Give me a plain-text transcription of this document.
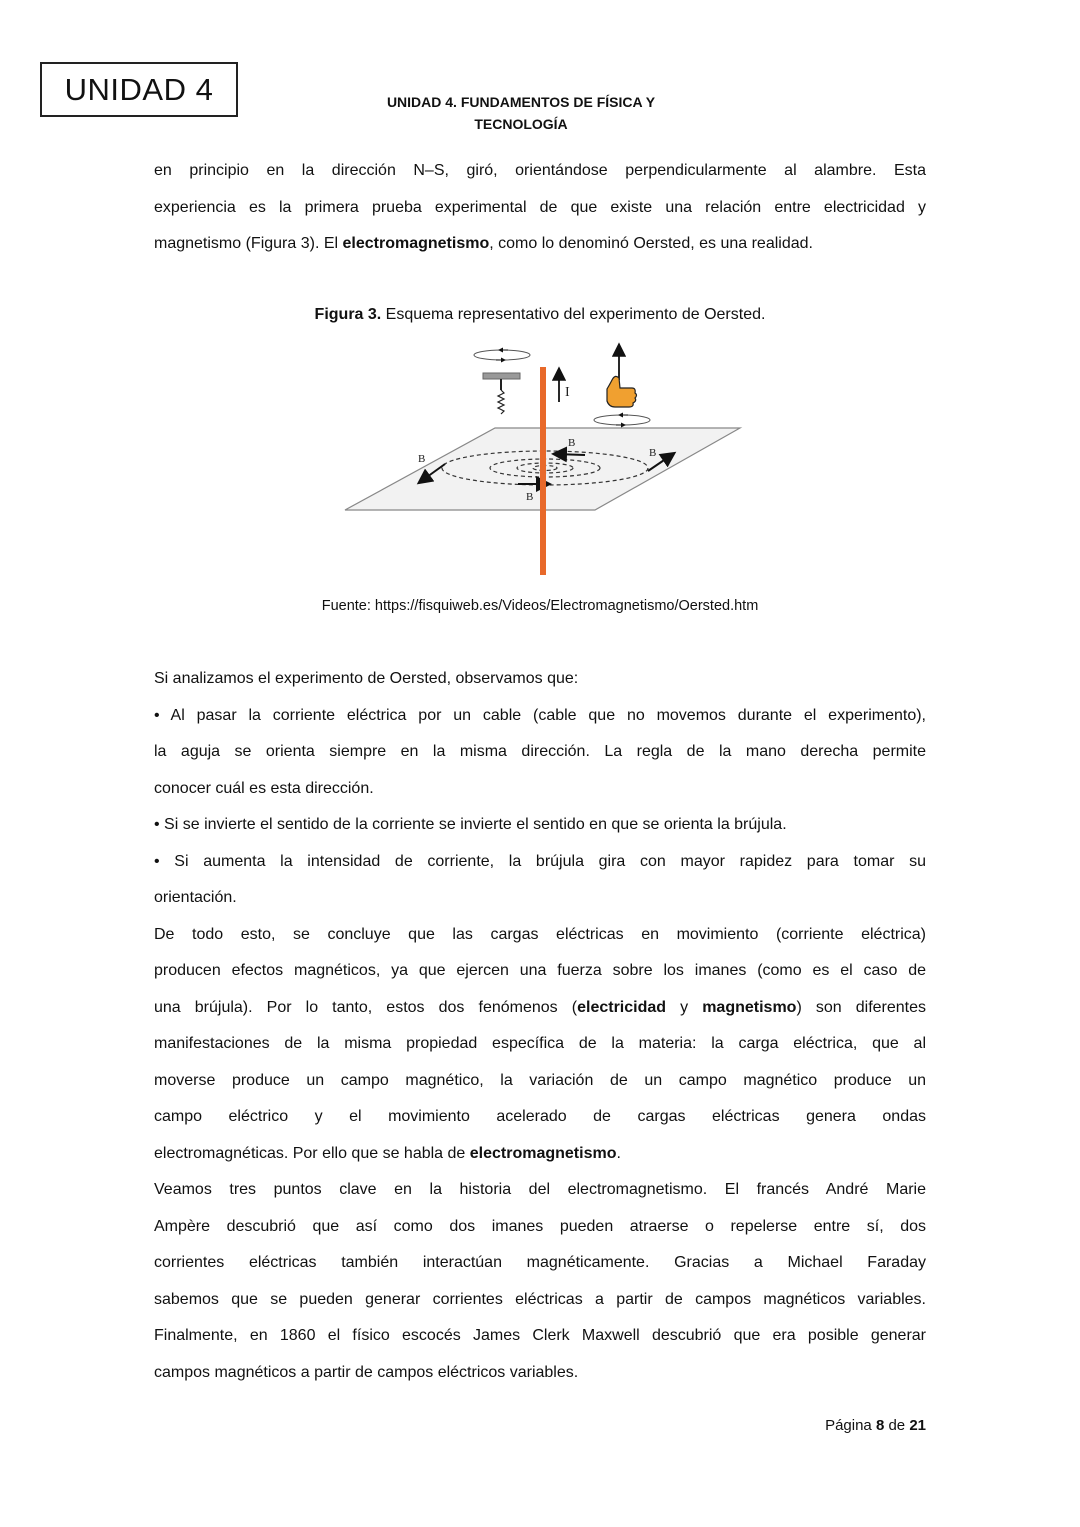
UNIDAD 4	UNIDAD 4. FUNDAMENTOS DE FÍSICA Y
TECNOLOGÍA
en principio en la dirección N–S, giró, orientándose perpendicularmente al alambre. Esta
experiencia es la primera prueba experimental de que existe una relación entre electricidad y
magnetismo (Figura 3). El electromagnetismo, como lo denominó Oersted, es una realidad.
Figura 3. Esquema representativo del experimento de Oersted.
B
B
B
B
I
Fuente: https://fisquiweb.es/Videos/Electromagnetismo/Oersted.htm
Si analizamos el experimento de Oersted, observamos que:
• Al pasar la corriente eléctrica por un cable (cable que no movemos durante el experimento),
la aguja se orienta siempre en la misma dirección. La regla de la mano derecha permite
conocer cuál es esta dirección.
• Si se invierte el sentido de la corriente se invierte el sentido en que se orienta la brújula.
• Si aumenta la intensidad de corriente, la brújula gira con mayor rapidez para tomar su
orientación.
De todo esto, se concluye que las cargas eléctricas en movimiento (corriente eléctrica)
producen efectos magnéticos, ya que ejercen una fuerza sobre los imanes (como es el caso de
una brújula). Por lo tanto, estos dos fenómenos (electricidad y magnetismo) son diferentes
manifestaciones de la misma propiedad específica de la materia: la carga eléctrica, que al
moverse produce un campo magnético, la variación de un campo magnético produce un
campo eléctrico y el movimiento acelerado de cargas eléctricas genera ondas
electromagnéticas. Por ello que se habla de electromagnetismo.
Veamos tres puntos clave en la historia del electromagnetismo. El francés André Marie
Ampère descubrió que así como dos imanes pueden atraerse o repelerse entre sí, dos
corrientes eléctricas también interactúan magnéticamente. Gracias a Michael Faraday
sabemos que se pueden generar corrientes eléctricas a partir de campos magnéticos variables.
Finalmente, en 1860 el físico escocés James Clerk Maxwell descubrió que era posible generar
campos magnéticos a partir de campos eléctricos variables.
Página 8 de 21
